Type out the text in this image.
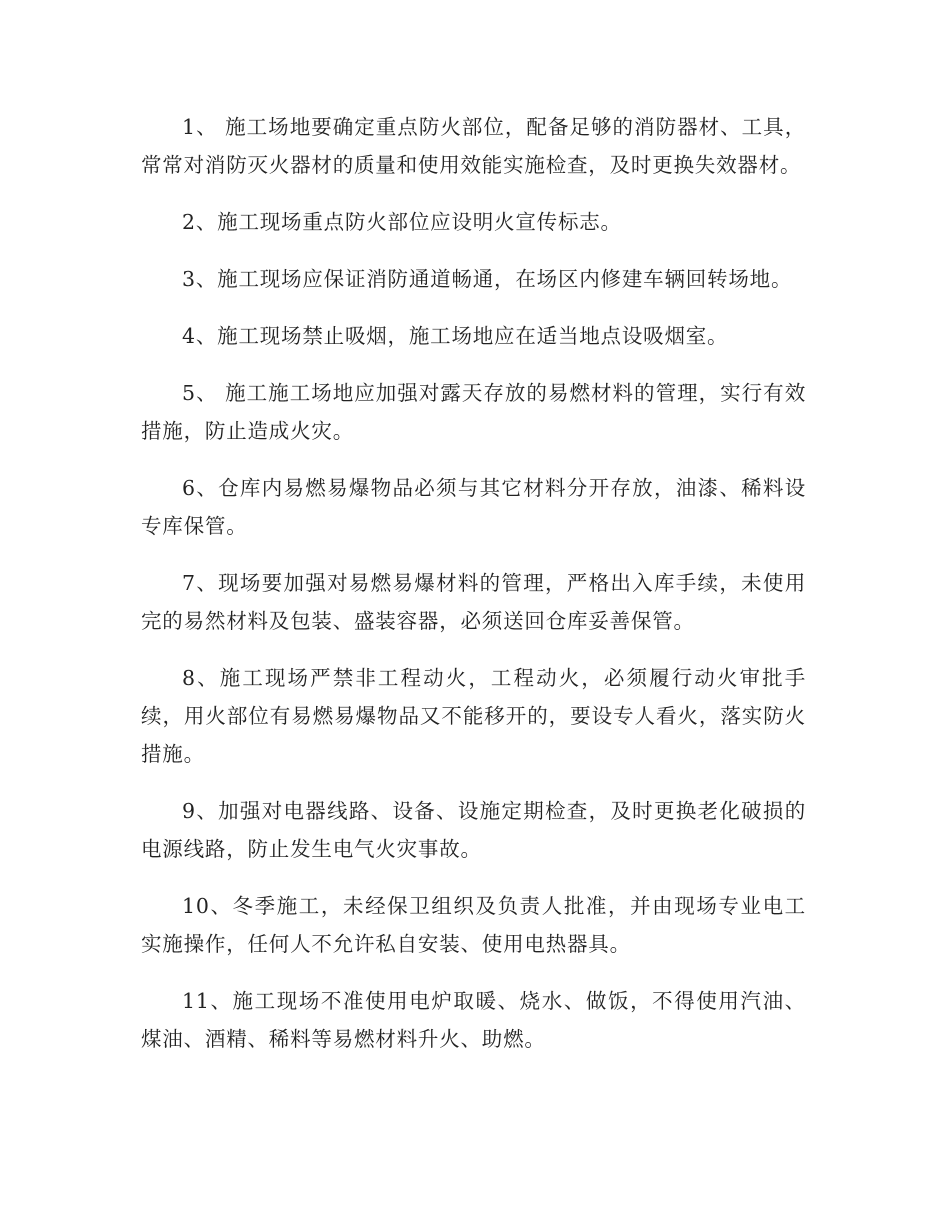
1、 施工场地要确定重点防火部位，配备足够的消防器材、工具，常常对消防灭火器材的质量和使用效能实施检查，及时更换失效器材。

2、施工现场重点防火部位应设明火宣传标志。

3、施工现场应保证消防通道畅通，在场区内修建车辆回转场地。

4、施工现场禁止吸烟，施工场地应在适当地点设吸烟室。

5、 施工施工场地应加强对露天存放的易燃材料的管理，实行有效措施，防止造成火灾。

6、仓库内易燃易爆物品必须与其它材料分开存放，油漆、稀料设专库保管。

7、现场要加强对易燃易爆材料的管理，严格出入库手续，未使用完的易然材料及包装、盛装容器，必须送回仓库妥善保管。

8、施工现场严禁非工程动火，工程动火，必须履行动火审批手续，用火部位有易燃易爆物品又不能移开的，要设专人看火，落实防火措施。

9、加强对电器线路、设备、设施定期检查，及时更换老化破损的电源线路，防止发生电气火灾事故。

10、冬季施工，未经保卫组织及负责人批准，并由现场专业电工实施操作，任何人不允许私自安装、使用电热器具。

11、施工现场不准使用电炉取暖、烧水、做饭，不得使用汽油、煤油、酒精、稀料等易燃材料升火、助燃。
